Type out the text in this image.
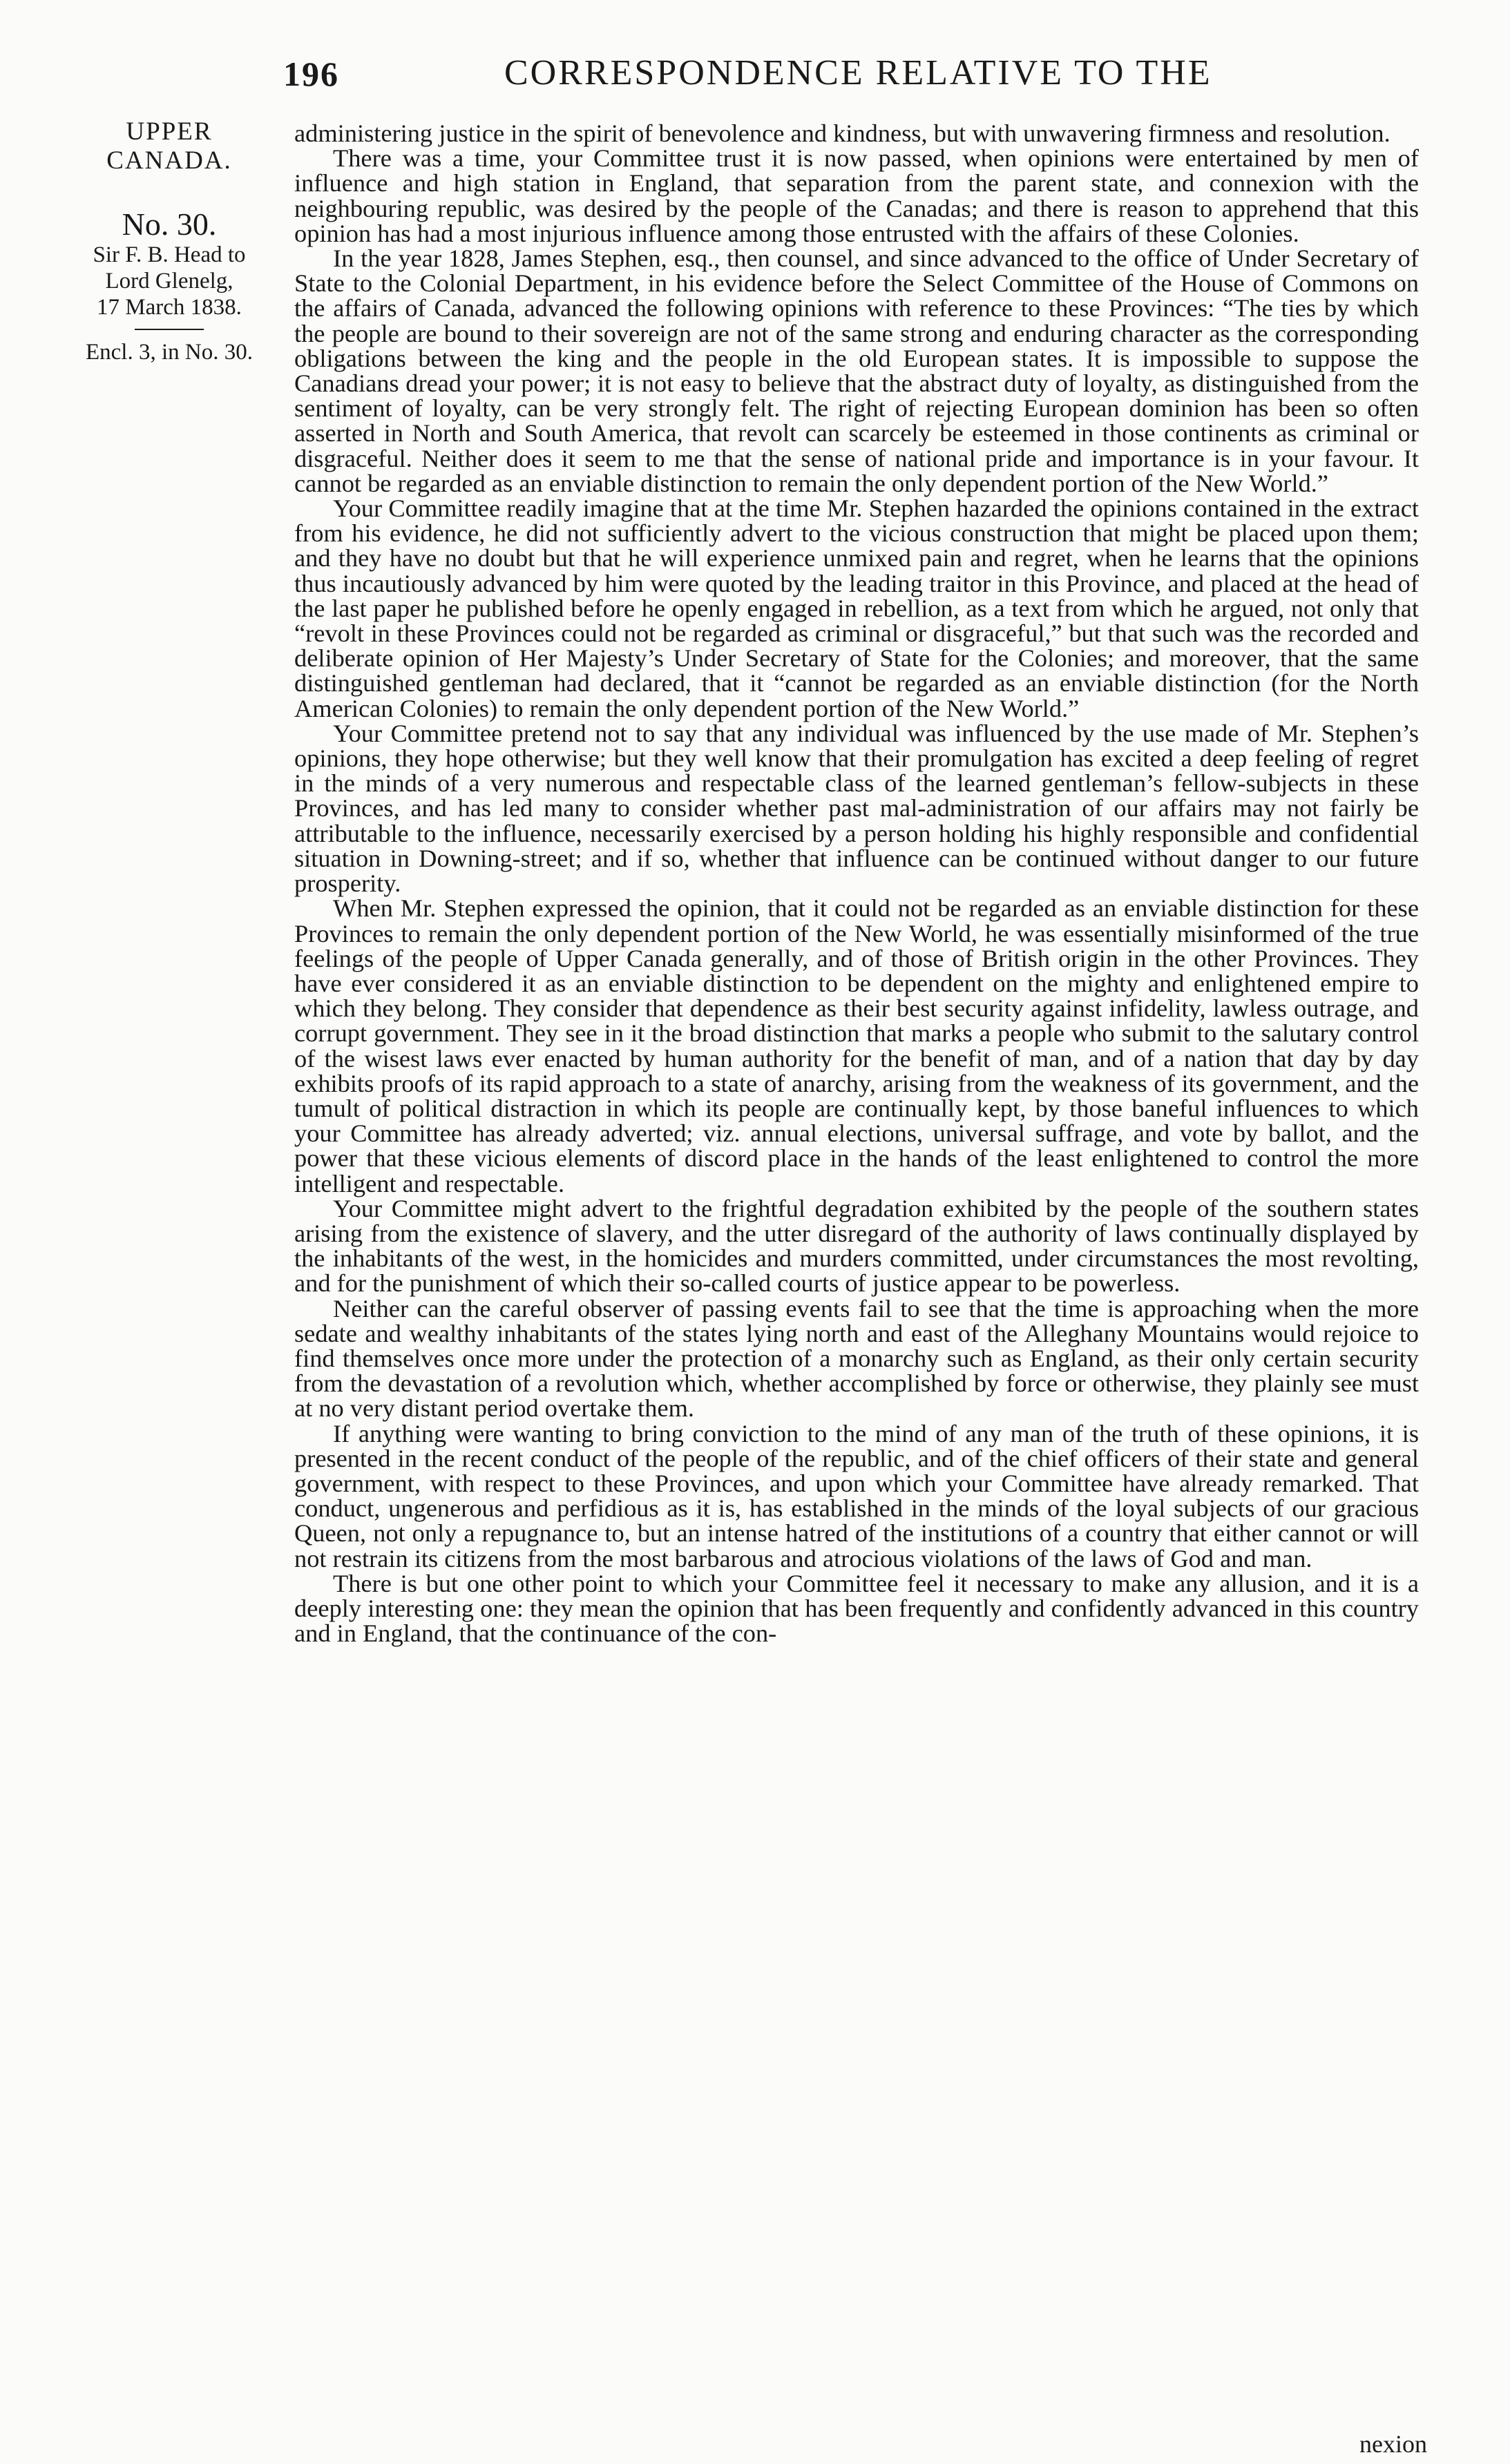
196	CORRESPONDENCE RELATIVE TO THE
UPPER
CANADA.
No. 30.
Sir F. B. Head to
Lord Glenelg,
17 March 1838.
Encl. 3, in No. 30.

administering justice in the spirit of benevolence and kindness, but with unwavering firmness and resolution.

There was a time, your Committee trust it is now passed, when opinions were entertained by men of influence and high station in England, that separation from the parent state, and connexion with the neighbouring republic, was desired by the people of the Canadas; and there is reason to apprehend that this opinion has had a most injurious influence among those entrusted with the affairs of these Colonies.

In the year 1828, James Stephen, esq., then counsel, and since advanced to the office of Under Secretary of State to the Colonial Department, in his evidence before the Select Committee of the House of Commons on the affairs of Canada, advanced the following opinions with reference to these Provinces: “The ties by which the people are bound to their sovereign are not of the same strong and enduring character as the corresponding obligations between the king and the people in the old European states. It is impossible to suppose the Canadians dread your power; it is not easy to believe that the abstract duty of loyalty, as distinguished from the sentiment of loyalty, can be very strongly felt. The right of rejecting European dominion has been so often asserted in North and South America, that revolt can scarcely be esteemed in those continents as criminal or disgraceful. Neither does it seem to me that the sense of national pride and importance is in your favour. It cannot be regarded as an enviable distinction to remain the only dependent portion of the New World.”

Your Committee readily imagine that at the time Mr. Stephen hazarded the opinions contained in the extract from his evidence, he did not sufficiently advert to the vicious construction that might be placed upon them; and they have no doubt but that he will experience unmixed pain and regret, when he learns that the opinions thus incautiously advanced by him were quoted by the leading traitor in this Province, and placed at the head of the last paper he published before he openly engaged in rebellion, as a text from which he argued, not only that “revolt in these Provinces could not be regarded as criminal or disgraceful,” but that such was the recorded and deliberate opinion of Her Majesty’s Under Secretary of State for the Colonies; and moreover, that the same distinguished gentleman had declared, that it “cannot be regarded as an enviable distinction (for the North American Colonies) to remain the only dependent portion of the New World.”

Your Committee pretend not to say that any individual was influenced by the use made of Mr. Stephen’s opinions, they hope otherwise; but they well know that their promulgation has excited a deep feeling of regret in the minds of a very numerous and respectable class of the learned gentleman’s fellow-subjects in these Provinces, and has led many to consider whether past mal-administration of our affairs may not fairly be attributable to the influence, necessarily exercised by a person holding his highly responsible and confidential situation in Downing-street; and if so, whether that influence can be continued without danger to our future prosperity.

When Mr. Stephen expressed the opinion, that it could not be regarded as an enviable distinction for these Provinces to remain the only dependent portion of the New World, he was essentially misinformed of the true feelings of the people of Upper Canada generally, and of those of British origin in the other Provinces. They have ever considered it as an enviable distinction to be dependent on the mighty and enlightened empire to which they belong. They consider that dependence as their best security against infidelity, lawless outrage, and corrupt government. They see in it the broad distinction that marks a people who submit to the salutary control of the wisest laws ever enacted by human authority for the benefit of man, and of a nation that day by day exhibits proofs of its rapid approach to a state of anarchy, arising from the weakness of its government, and the tumult of political distraction in which its people are continually kept, by those baneful influences to which your Committee has already adverted; viz. annual elections, universal suffrage, and vote by ballot, and the power that these vicious elements of discord place in the hands of the least enlightened to control the more intelligent and respectable.

Your Committee might advert to the frightful degradation exhibited by the people of the southern states arising from the existence of slavery, and the utter disregard of the authority of laws continually displayed by the inhabitants of the west, in the homicides and murders committed, under circumstances the most revolting, and for the punishment of which their so-called courts of justice appear to be powerless.

Neither can the careful observer of passing events fail to see that the time is approaching when the more sedate and wealthy inhabitants of the states lying north and east of the Alleghany Mountains would rejoice to find themselves once more under the protection of a monarchy such as England, as their only certain security from the devastation of a revolution which, whether accomplished by force or otherwise, they plainly see must at no very distant period overtake them.

If anything were wanting to bring conviction to the mind of any man of the truth of these opinions, it is presented in the recent conduct of the people of the republic, and of the chief officers of their state and general government, with respect to these Provinces, and upon which your Committee have already remarked. That conduct, ungenerous and perfidious as it is, has established in the minds of the loyal subjects of our gracious Queen, not only a repugnance to, but an intense hatred of the institutions of a country that either cannot or will not restrain its citizens from the most barbarous and atrocious violations of the laws of God and man.

There is but one other point to which your Committee feel it necessary to make any allusion, and it is a deeply interesting one: they mean the opinion that has been frequently and confidently advanced in this country and in England, that the continuance of the con-

nexion
